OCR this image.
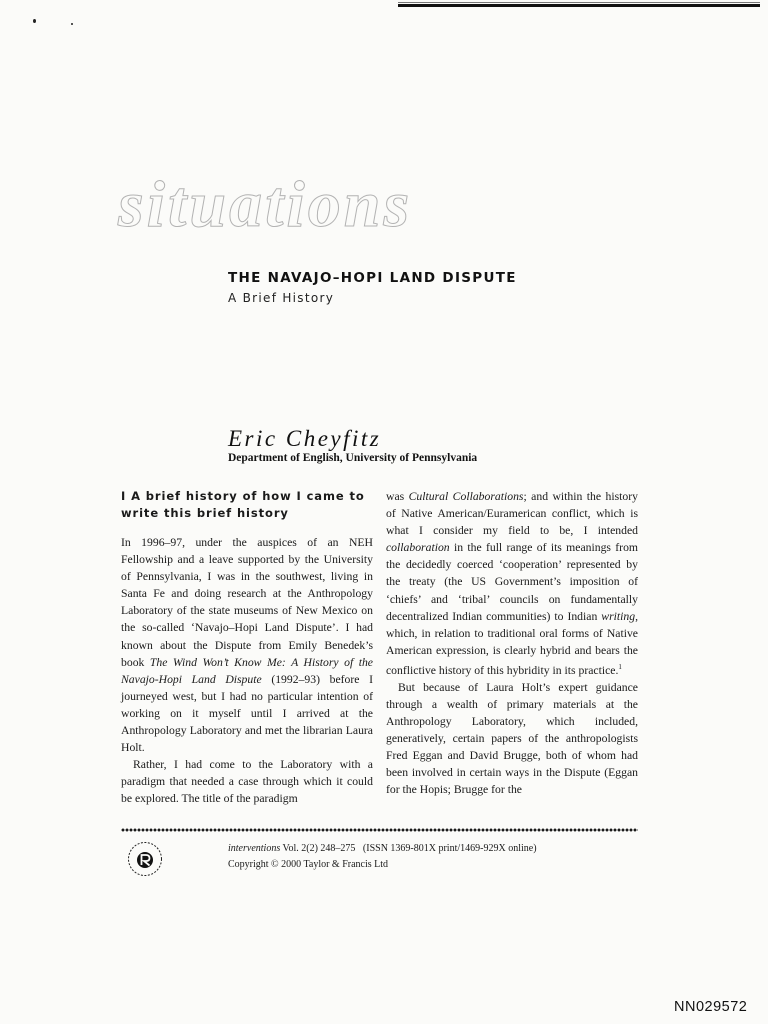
situations
THE NAVAJO–HOPI LAND DISPUTE

A Brief History

Eric Cheyfitz

Department of English, University of Pennsylvania

I A brief history of how I came to write this brief history

In 1996–97, under the auspices of an NEH Fellowship and a leave supported by the University of Pennsylvania, I was in the southwest, living in Santa Fe and doing research at the Anthropology Laboratory of the state museums of New Mexico on the so-called ‘Navajo–Hopi Land Dispute’. I had known about the Dispute from Emily Benedek’s book The Wind Won’t Know Me: A History of the Navajo-Hopi Land Dispute (1992–93) before I journeyed west, but I had no particular intention of working on it myself until I arrived at the Anthropology Laboratory and met the librarian Laura Holt.

Rather, I had come to the Laboratory with a paradigm that needed a case through which it could be explored. The title of the paradigm

was Cultural Collaborations; and within the history of Native American/Euramerican conflict, which is what I consider my field to be, I intended collaboration in the full range of its meanings from the decidedly coerced ‘cooperation’ represented by the treaty (the US Government’s imposition of ‘chiefs’ and ‘tribal’ councils on fundamentally decentralized Indian communities) to Indian writing, which, in relation to traditional oral forms of Native American expression, is clearly hybrid and bears the conflictive history of this hybridity in its practice.$^1$

But because of Laura Holt’s expert guidance through a wealth of primary materials at the Anthropology Laboratory, which included, generatively, certain papers of the anthropologists Fred Eggan and David Brugge, both of whom had been involved in certain ways in the Dispute (Eggan for the Hopis; Brugge for the

interventions Vol. 2(2) 248–275 (ISSN 1369-801X print/1469-929X online)
Copyright © 2000 Taylor & Francis Ltd
NN029572
